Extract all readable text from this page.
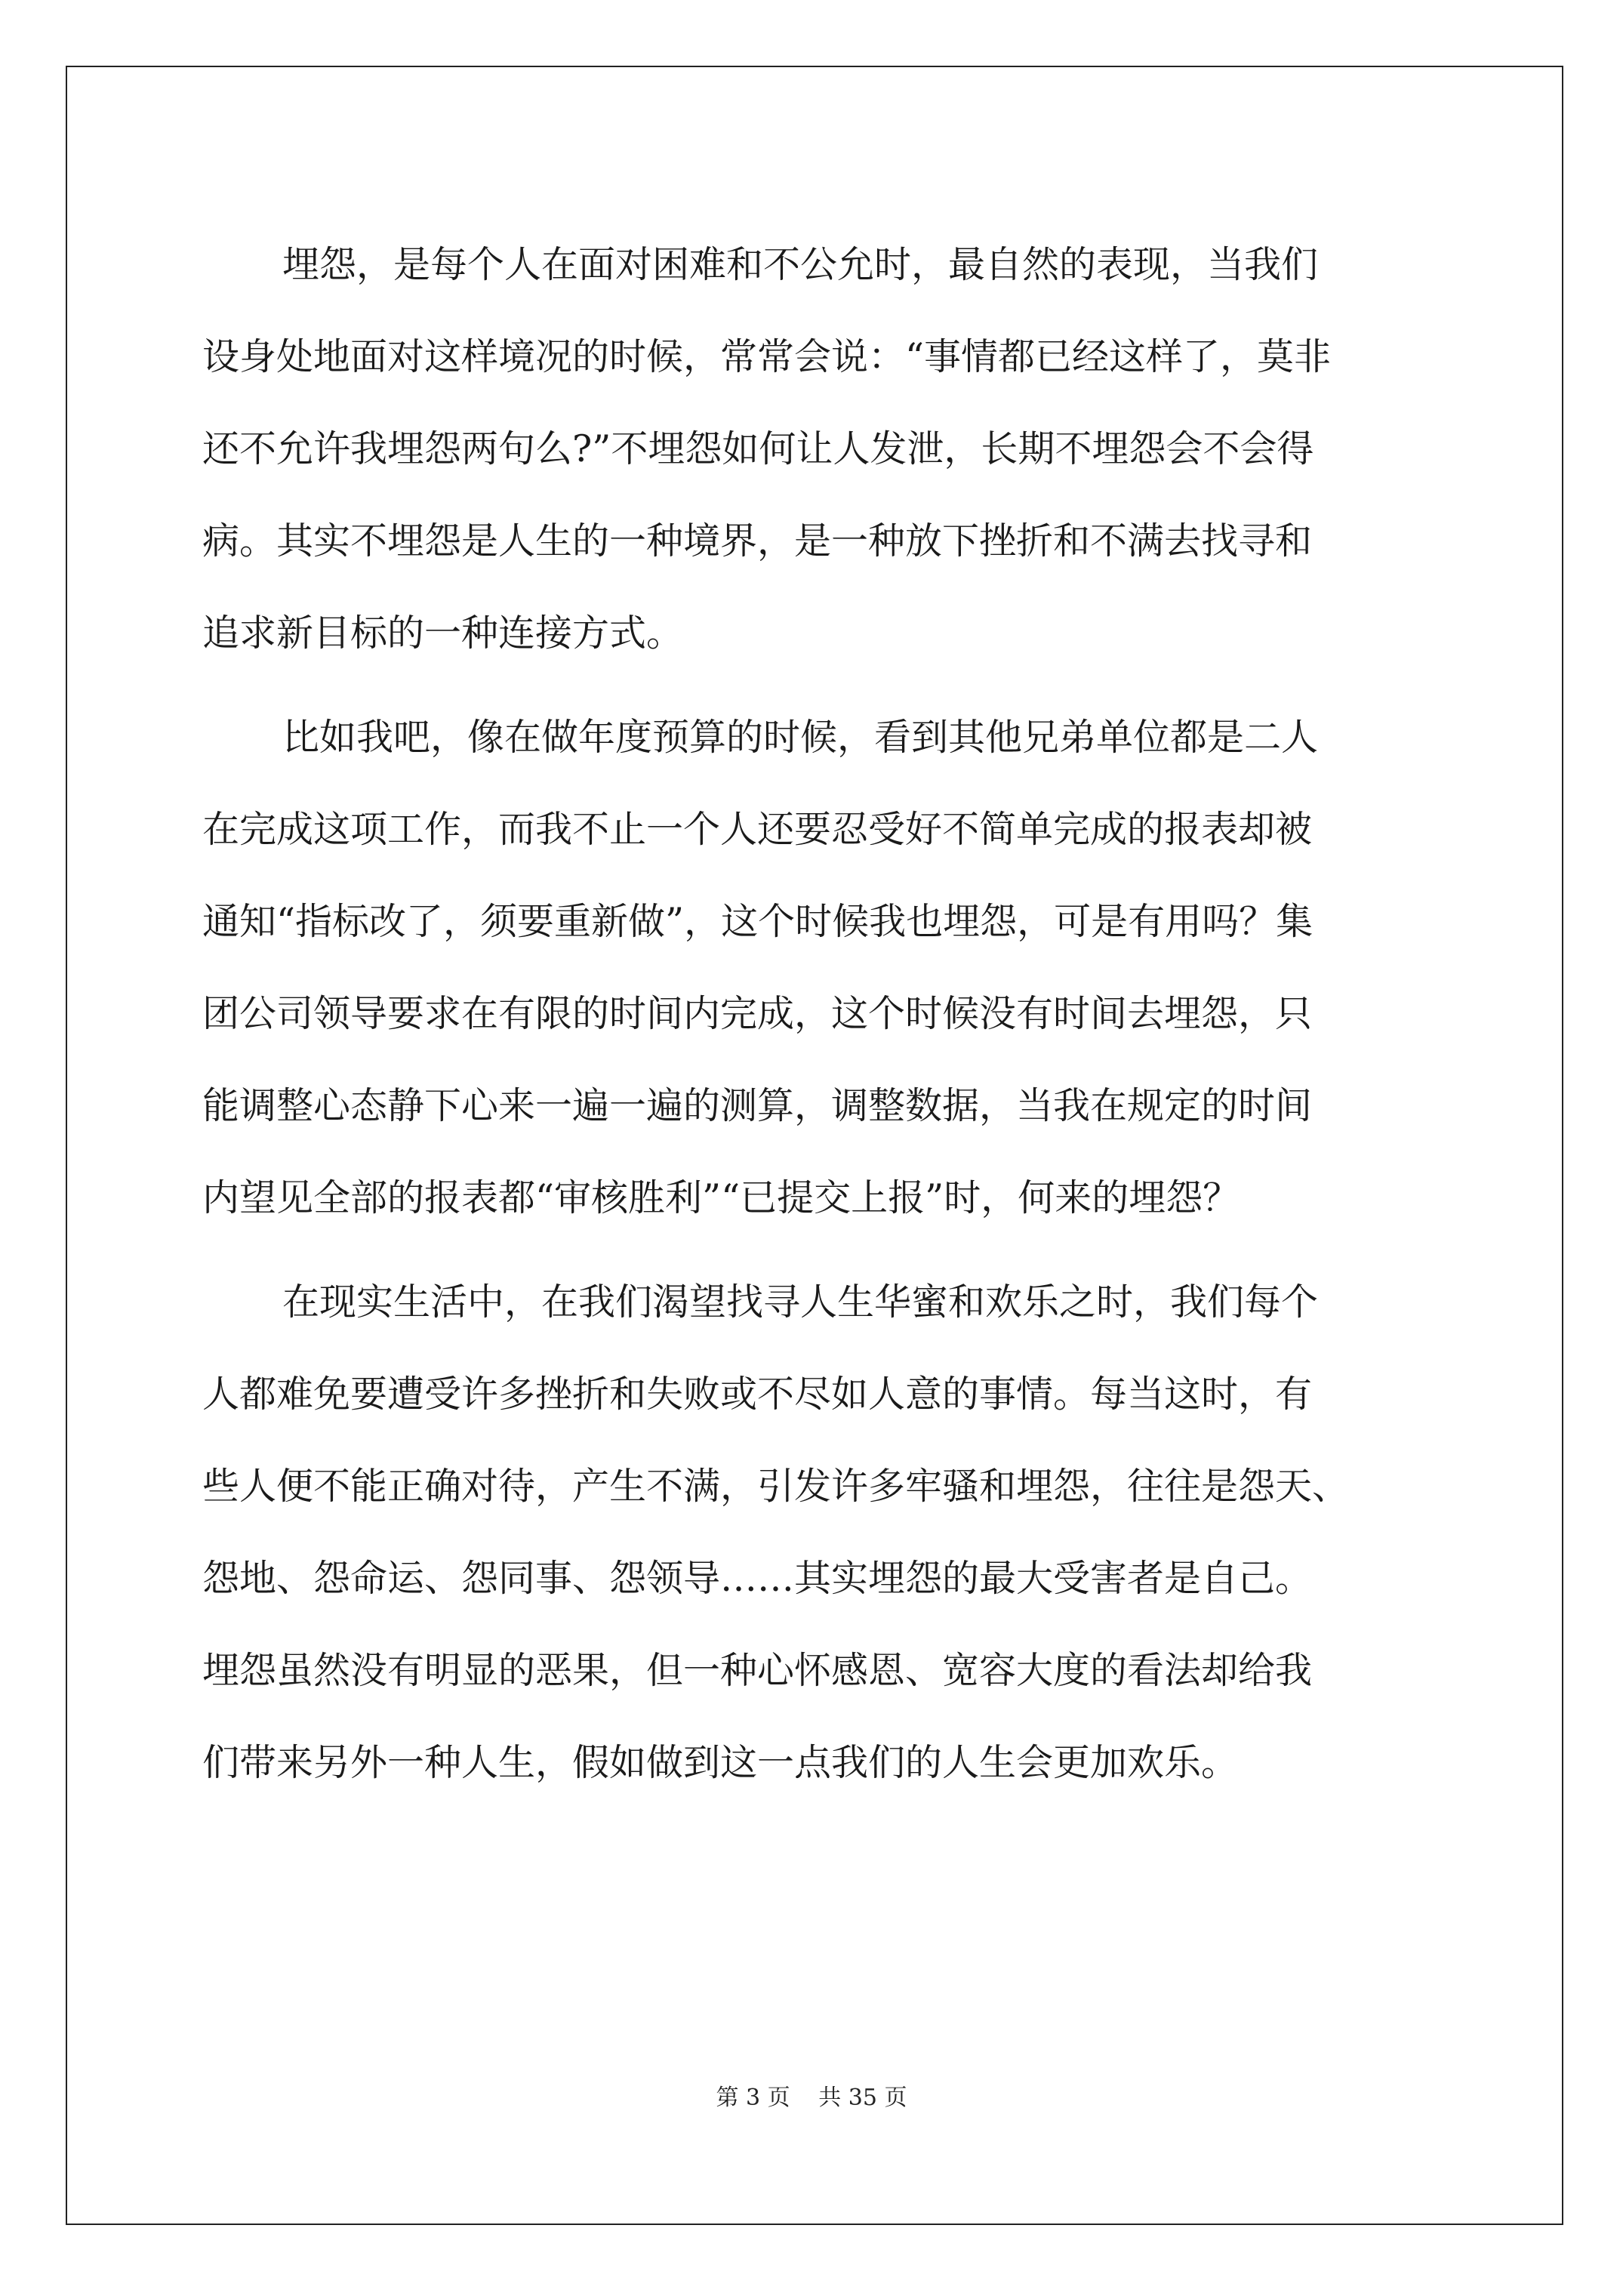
埋怨，是每个人在面对困难和不公允时，最自然的表现，当我们
设身处地面对这样境况的时候，常常会说：“事情都已经这样了，莫非
还不允许我埋怨两句么?”不埋怨如何让人发泄，长期不埋怨会不会得
病。其实不埋怨是人生的一种境界，是一种放下挫折和不满去找寻和
追求新目标的一种连接方式。

比如我吧，像在做年度预算的时候，看到其他兄弟单位都是二人
在完成这项工作，而我不止一个人还要忍受好不简单完成的报表却被
通知“指标改了，须要重新做”，这个时候我也埋怨，可是有用吗？集
团公司领导要求在有限的时间内完成，这个时候没有时间去埋怨，只
能调整心态静下心来一遍一遍的测算，调整数据，当我在规定的时间
内望见全部的报表都“审核胜利”“已提交上报”时，何来的埋怨？

在现实生活中，在我们渴望找寻人生华蜜和欢乐之时，我们每个
人都难免要遭受许多挫折和失败或不尽如人意的事情。每当这时，有
些人便不能正确对待，产生不满，引发许多牢骚和埋怨，往往是怨天、
怨地、怨命运、怨同事、怨领导……其实埋怨的最大受害者是自己。
埋怨虽然没有明显的恶果，但一种心怀感恩、宽容大度的看法却给我
们带来另外一种人生，假如做到这一点我们的人生会更加欢乐。

第 3 页 共 35 页
